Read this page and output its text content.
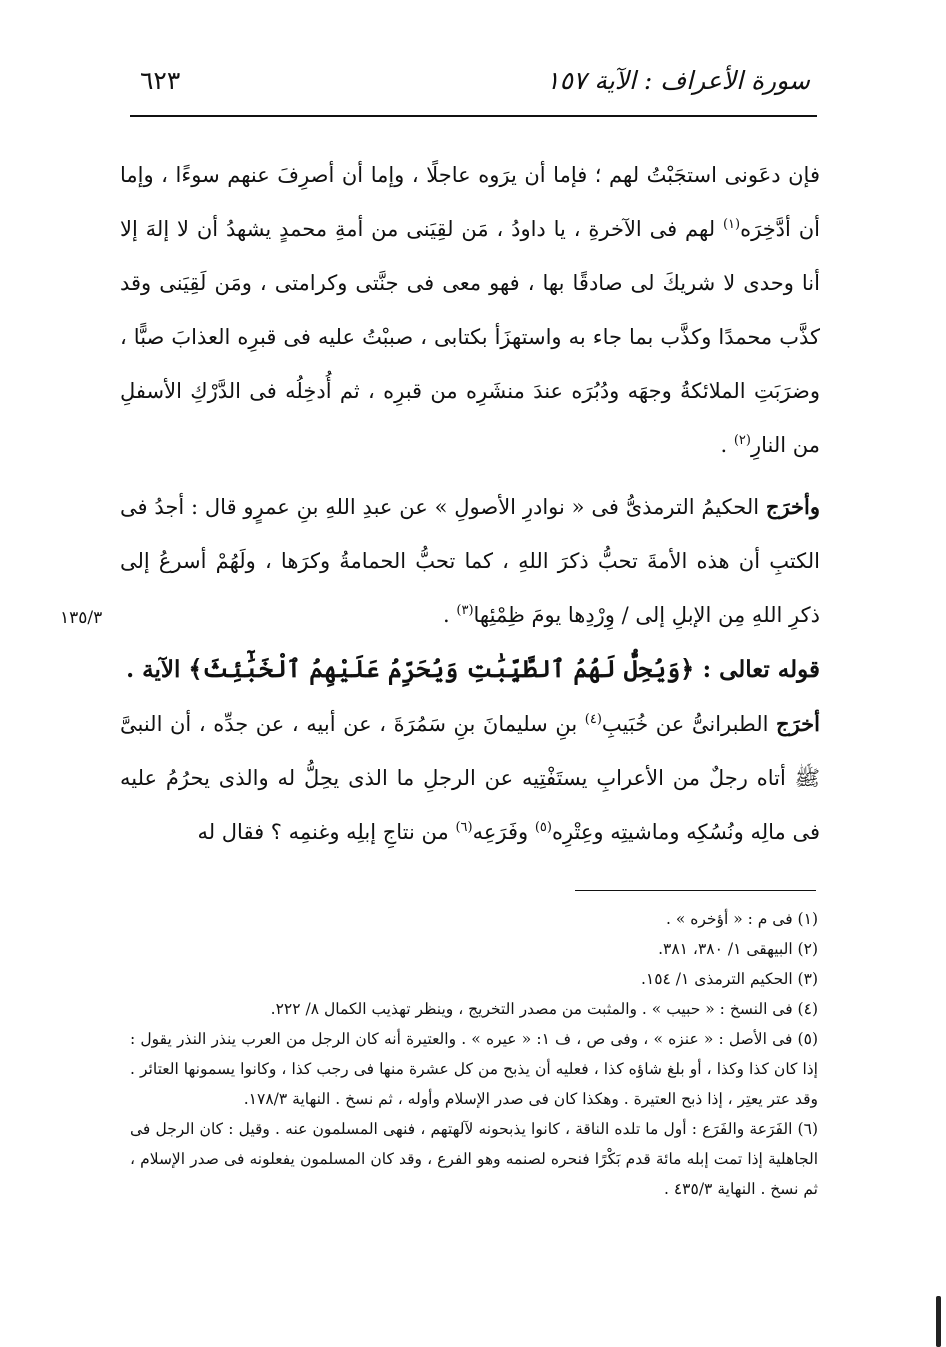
سورة الأعراف : الآية ١٥٧
٦٢٣
١٣٥/٣

فإن دعَونى استجَبْتُ لهم ؛ فإما أن يرَوه عاجلًا ، وإما أن أصرِفَ عنهم سوءًا ، وإما أن أدَّخِرَه$^{(١)}$ لهم فى الآخرةِ ، يا داودُ ، مَن لقِيَنى من أمةِ محمدٍ يشهدُ أن لا إلهَ إلا أنا وحدى لا شريكَ لى صادقًا بها ، فهو معى فى جنَّتى وكرامتى ، ومَن لَقِيَنى وقد كذَّب محمدًا وكذَّب بما جاء به واستهزَأ بكتابى ، صببْتُ عليه فى قبرِه العذابَ صبًّا ، وضرَبَتِ الملائكةُ وجهَه ودُبُرَه عندَ منشَرِه من قبرِه ، ثم أُدخِلُه فى الدَّرْكِ الأسفلِ من النارِ$^{(٢)}$ .

وأخرَج الحكيمُ الترمذىُّ فى « نوادرِ الأصولِ » عن عبدِ اللهِ بنِ عمرٍو قال : أجدُ فى الكتبِ أن هذه الأمةَ تحبُّ ذكرَ اللهِ ، كما تحبُّ الحمامةُ وكرَها ، ولَهُمْ أسرعُ إلى ذكرِ اللهِ مِن الإبلِ إلى / وِرْدِها يومَ ظِمْئِها$^{(٣)}$ .

قوله تعالى : ﴿وَيُحِلُّ لَهُمُ ٱلطَّيِّبَٰتِ وَيُحَرِّمُ عَلَيْهِمُ ٱلْخَبَٰٓئِثَ﴾ الآية .

أخرَج الطبرانىُّ عن خُبَيبِ$^{(٤)}$ بنِ سليمانَ بنِ سَمُرَةَ ، عن أبيه ، عن جدِّه ، أن النبىَّ ﷺ أتاه رجلٌ من الأعرابِ يستَفْتِيه عن الرجلِ ما الذى يحِلُّ له والذى يحرُمُ عليه فى مالِه ونُسُكِه وماشيتِه وعِتْرِه$^{(٥)}$ وفَرَعِه$^{(٦)}$ من نتاجِ إبلِه وغنمِه ؟ فقال له

(١) فى م : « أؤخره » .

(٢) البيهقى ١/ ٣٨٠، ٣٨١.

(٣) الحكيم الترمذى ١/ ١٥٤.

(٤) فى النسخ : « حبيب » . والمثبت من مصدر التخريج ، وينظر تهذيب الكمال ٨/ ٢٢٢.

(٥) فى الأصل : « عنزه » ، وفى ص ، ف ١: « عيره » . والعتيرة أنه كان الرجل من العرب ينذر النذر يقول : إذا كان كذا وكذا ، أو بلغ شاؤه كذا ، فعليه أن يذبح من كل عشرة منها فى رجب كذا ، وكانوا يسمونها العتائر . وقد عتر يعتِر ، إذا ذبح العتيرة . وهكذا كان فى صدر الإسلام وأوله ، ثم نسخ . النهاية ١٧٨/٣.

(٦) الفَرَعة والفَرَع : أول ما تلده الناقة ، كانوا يذبحونه لآلهتهم ، فنهى المسلمون عنه . وقيل : كان الرجل فى الجاهلية إذا تمت إبله مائة قدم بَكْرًا فنحره لصنمه وهو الفرع ، وقد كان المسلمون يفعلونه فى صدر الإسلام ، ثم نسخ . النهاية ٤٣٥/٣ .
